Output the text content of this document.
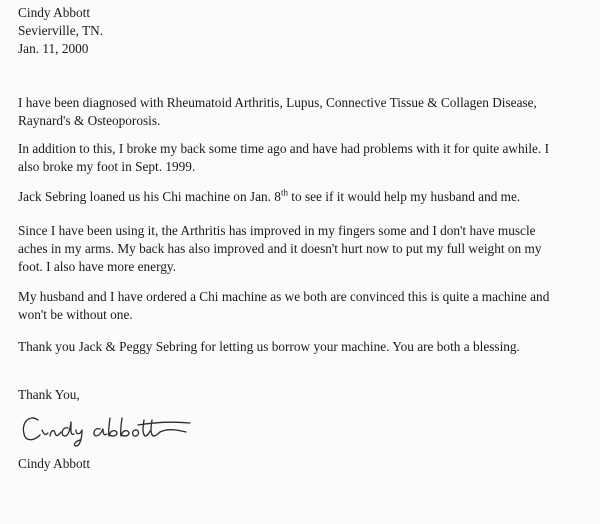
Cindy Abbott
Sevierville, TN.
Jan. 11, 2000

I have been diagnosed with Rheumatoid Arthritis, Lupus, Connective Tissue & Collagen Disease,
Raynard's & Osteoporosis.

In addition to this, I broke my back some time ago and have had problems with it for quite awhile. I
also broke my foot in Sept. 1999.

Jack Sebring loaned us his Chi machine on Jan. 8th to see if it would help my husband and me.

Since I have been using it, the Arthritis has improved in my fingers some and I don't have muscle
aches in my arms. My back has also improved and it doesn't hurt now to put my full weight on my
foot. I also have more energy.

My husband and I have ordered a Chi machine as we both are convinced this is quite a machine and
won't be without one.

Thank you Jack & Peggy Sebring for letting us borrow your machine. You are both a blessing.

Thank You,
Cindy Abbott
